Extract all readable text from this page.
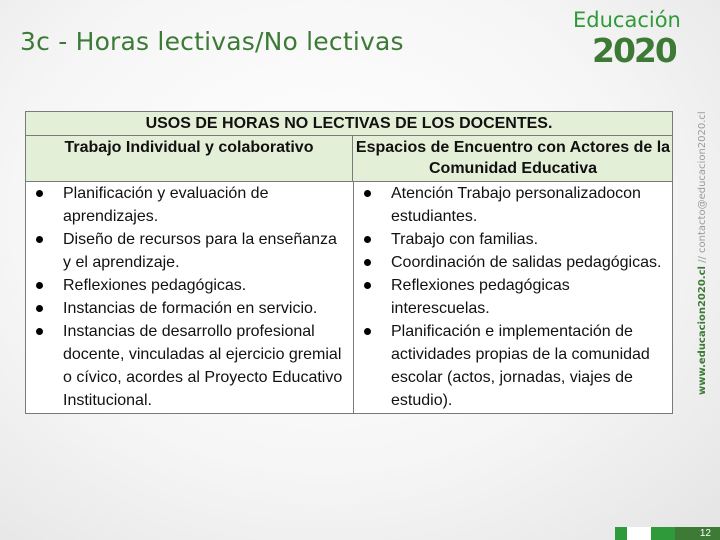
3c - Horas lectivas/No lectivas
Educación
2020
www.educacion2020.cl // contacto@educacion2020.cl
USOS DE HORAS NO LECTIVAS DE LOS DOCENTES.
Trabajo Individual y colaborativo	Espacios de Encuentro con Actores de la
Comunidad Educativa
Planificación y evaluación de aprendizajes.
Diseño de recursos para la enseñanza y el aprendizaje.
Reflexiones pedagógicas.
Instancias de formación en servicio.
Instancias de desarrollo profesional docente, vinculadas al ejercicio gremial o cívico, acordes al Proyecto Educativo Institucional.
Atención Trabajo personalizadocon estudiantes.
Trabajo con familias.
Coordinación de salidas pedagógicas.
Reflexiones pedagógicas interescuelas.
Planificación e implementación de actividades propias de la comunidad escolar (actos, jornadas, viajes de estudio).
12
